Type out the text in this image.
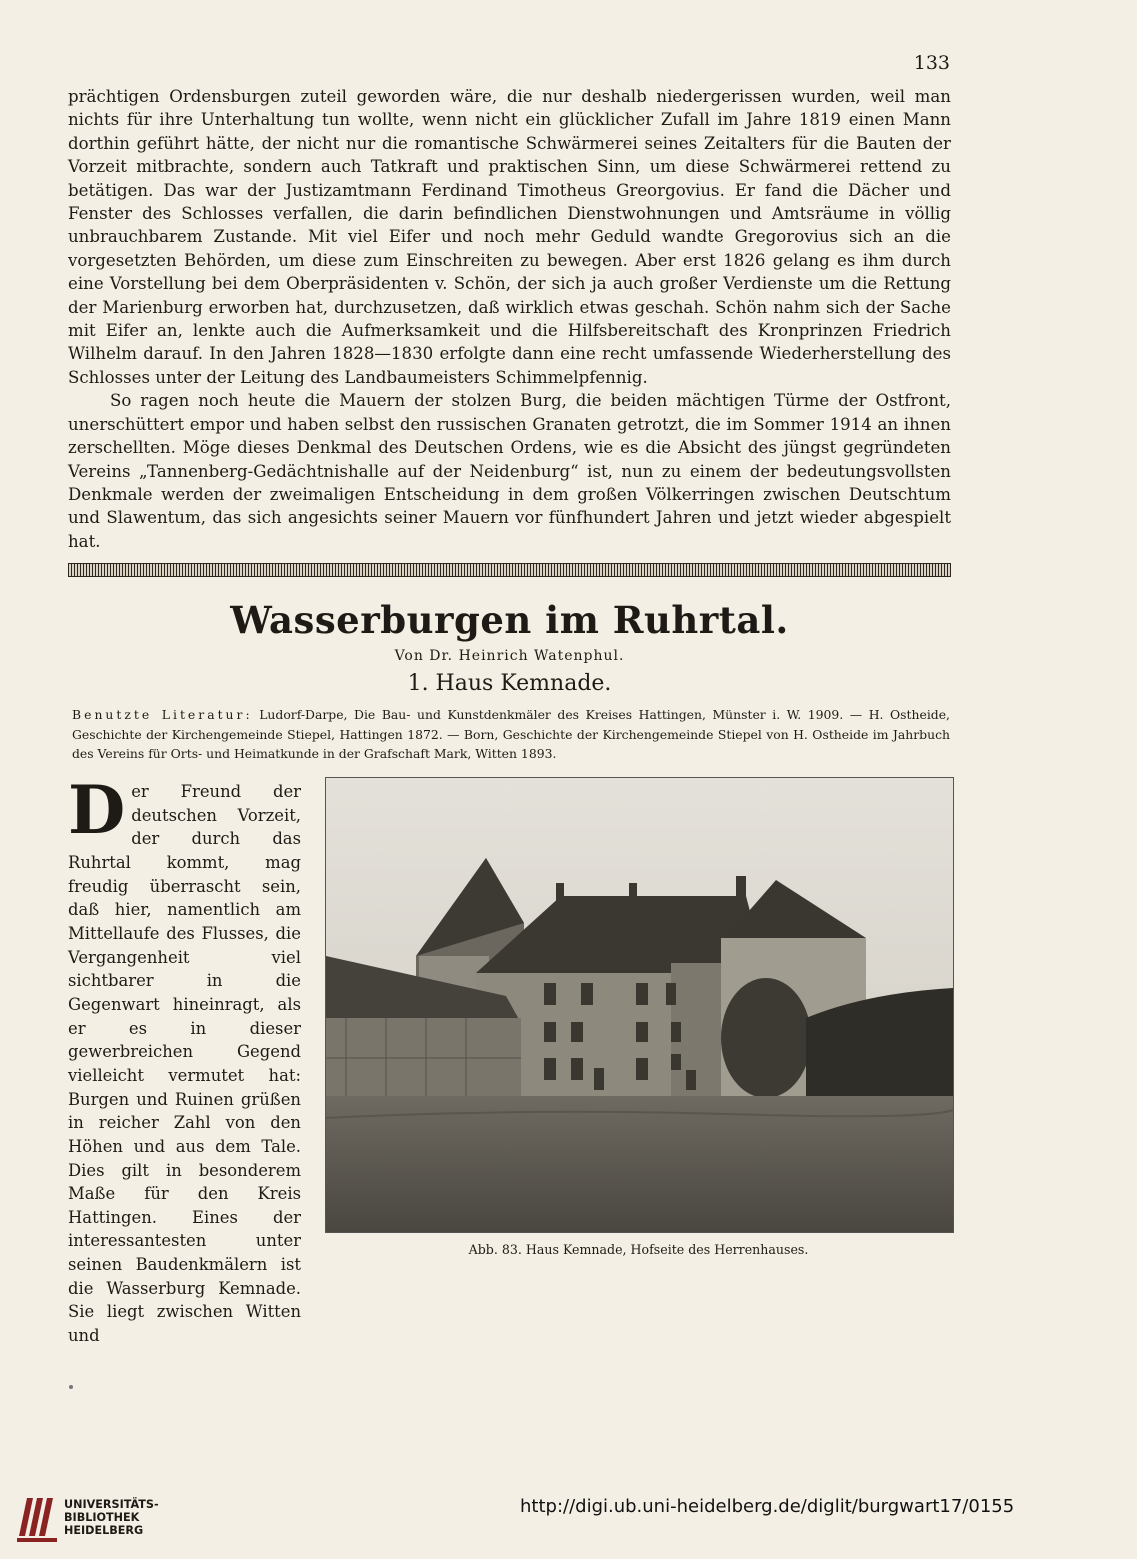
133

prächtigen Ordensburgen zuteil geworden wäre, die nur deshalb niedergerissen wurden, weil man nichts für ihre Unterhaltung tun wollte, wenn nicht ein glücklicher Zufall im Jahre 1819 einen Mann dorthin geführt hätte, der nicht nur die romantische Schwärmerei seines Zeitalters für die Bauten der Vorzeit mitbrachte, sondern auch Tatkraft und praktischen Sinn, um diese Schwärmerei rettend zu betätigen. Das war der Justizamtmann Ferdinand Timotheus Greorgovius. Er fand die Dächer und Fenster des Schlosses verfallen, die darin befindlichen Dienstwohnungen und Amtsräume in völlig unbrauchbarem Zustande. Mit viel Eifer und noch mehr Geduld wandte Gregorovius sich an die vorgesetzten Behörden, um diese zum Einschreiten zu bewegen. Aber erst 1826 gelang es ihm durch eine Vorstellung bei dem Oberpräsidenten v. Schön, der sich ja auch großer Verdienste um die Rettung der Marienburg erworben hat, durchzusetzen, daß wirklich etwas geschah. Schön nahm sich der Sache mit Eifer an, lenkte auch die Aufmerksamkeit und die Hilfsbereitschaft des Kronprinzen Friedrich Wilhelm darauf. In den Jahren 1828—1830 erfolgte dann eine recht umfassende Wiederherstellung des Schlosses unter der Leitung des Landbaumeisters Schimmelpfennig.

So ragen noch heute die Mauern der stolzen Burg, die beiden mächtigen Türme der Ostfront, unerschüttert empor und haben selbst den russischen Granaten getrotzt, die im Sommer 1914 an ihnen zerschellten. Möge dieses Denkmal des Deutschen Ordens, wie es die Absicht des jüngst gegründeten Vereins „Tannenberg-Gedächtnishalle auf der Neidenburg“ ist, nun zu einem der bedeutungsvollsten Denkmale werden der zweimaligen Entscheidung in dem großen Völkerringen zwischen Deutschtum und Slawentum, das sich angesichts seiner Mauern vor fünfhundert Jahren und jetzt wieder abgespielt hat.

Wasserburgen im Ruhrtal.
Von Dr. Heinrich Watenphul.
1. Haus Kemnade.
Benutzte Literatur: Ludorf-Darpe, Die Bau- und Kunstdenkmäler des Kreises Hattingen, Münster i. W. 1909. — H. Ostheide, Geschichte der Kirchengemeinde Stiepel, Hattingen 1872. — Born, Geschichte der Kirchengemeinde Stiepel von H. Ostheide im Jahrbuch des Vereins für Orts- und Heimatkunde in der Grafschaft Mark, Witten 1893.
Der Freund der deutschen Vorzeit, der durch das Ruhrtal kommt, mag freudig überrascht sein, daß hier, namentlich am Mittellaufe des Flusses, die Vergangenheit viel sichtbarer in die Gegenwart hineinragt, als er es in dieser gewerbreichen Gegend vielleicht vermutet hat: Burgen und Ruinen grüßen in reicher Zahl von den Höhen und aus dem Tale. Dies gilt in besonderem Maße für den Kreis Hattingen. Eines der interessantesten unter seinen Baudenkmälern ist die Wasserburg Kemnade. Sie liegt zwischen Witten und
Abb. 83. Haus Kemnade, Hofseite des Herrenhauses.
UNIVERSITÄTS-
BIBLIOTHEK
HEIDELBERG
http://digi.ub.uni-heidelberg.de/diglit/burgwart17/0155
